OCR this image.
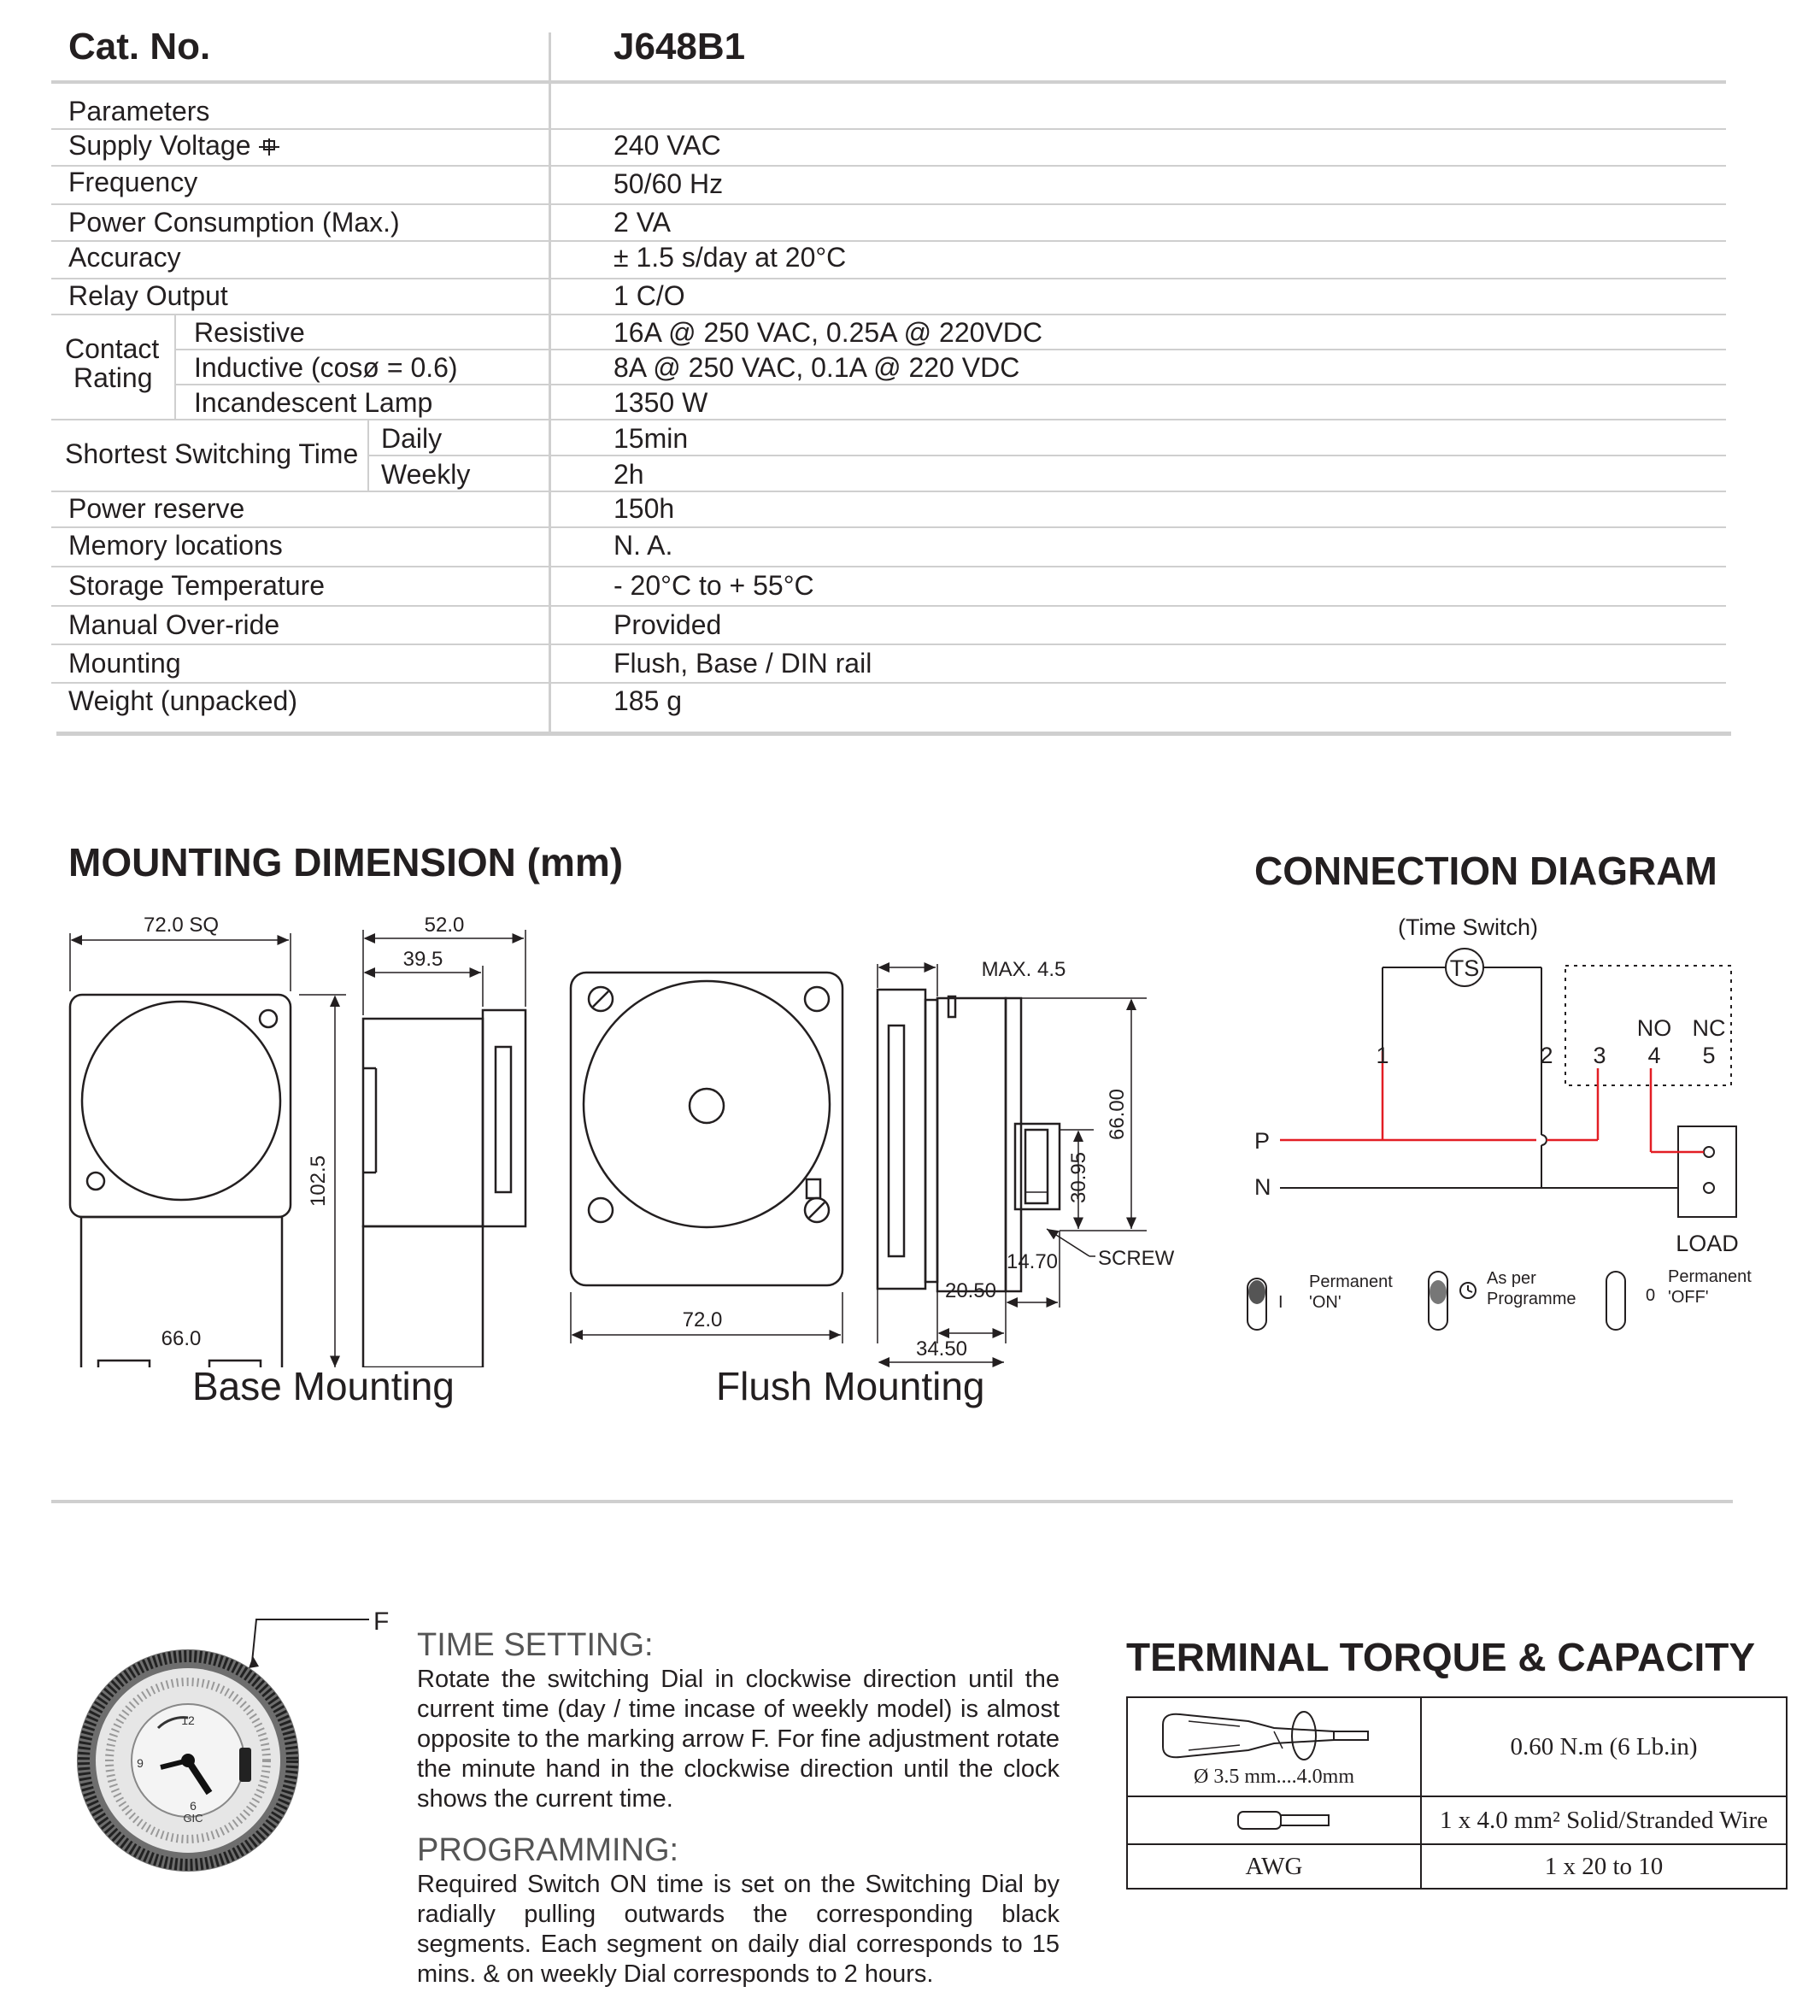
Cat. No.	J648B1
Parameters
Supply Voltage	240 VAC
Frequency	50/60 Hz
Power Consumption (Max.)	2 VA
Accuracy	± 1.5 s/day at 20°C
Relay Output	1 C/O
Contact
Rating
Resistive	16A @ 250 VAC, 0.25A @ 220VDC
Inductive (cosø = 0.6)	8A @ 250 VAC, 0.1A @ 220 VDC
Incandescent Lamp	1350 W
Shortest Switching Time Daily	15min
Weekly	2h
Power reserve	150h
Memory locations	N. A.
Storage Temperature	- 20°C to + 55°C
Manual Over-ride	Provided
Mounting	Flush, Base / DIN rail
Weight (unpacked)	185 g
MOUNTING DIMENSION (mm)
72.0 SQ	52.0
39.5
102.5
66.0
72.0
MAX. 4.5
66.00
30.95
14.70 SCREW
20.50
34.50
Base Mounting	Flush Mounting
CONNECTION DIAGRAM
(Time Switch)
TS
NO NC
1	2 3 4 5
P
N
LOAD
I
Permanent
'ON'
As per
Programme	0
Permanent
'OFF'
12
9
6
GIC
F
TIME SETTING:
Rotate the switching Dial in clockwise direction until the current time (day / time incase of weekly model) is almost opposite to the marking arrow F. For fine adjustment rotate the minute hand in the clockwise direction until the clock shows the current time.
PROGRAMMING:
Required Switch ON time is set on the Switching Dial by radially pulling outwards the corresponding black segments. Each segment on daily dial corresponds to 15 mins. & on weekly Dial corresponds to 2 hours.
TERMINAL TORQUE & CAPACITY
Ø 3.5 mm....4.0mm	0.60 N.m (6 Lb.in)

	1 x 4.0 mm² Solid/Stranded Wire
AWG	1 x 20 to 10
